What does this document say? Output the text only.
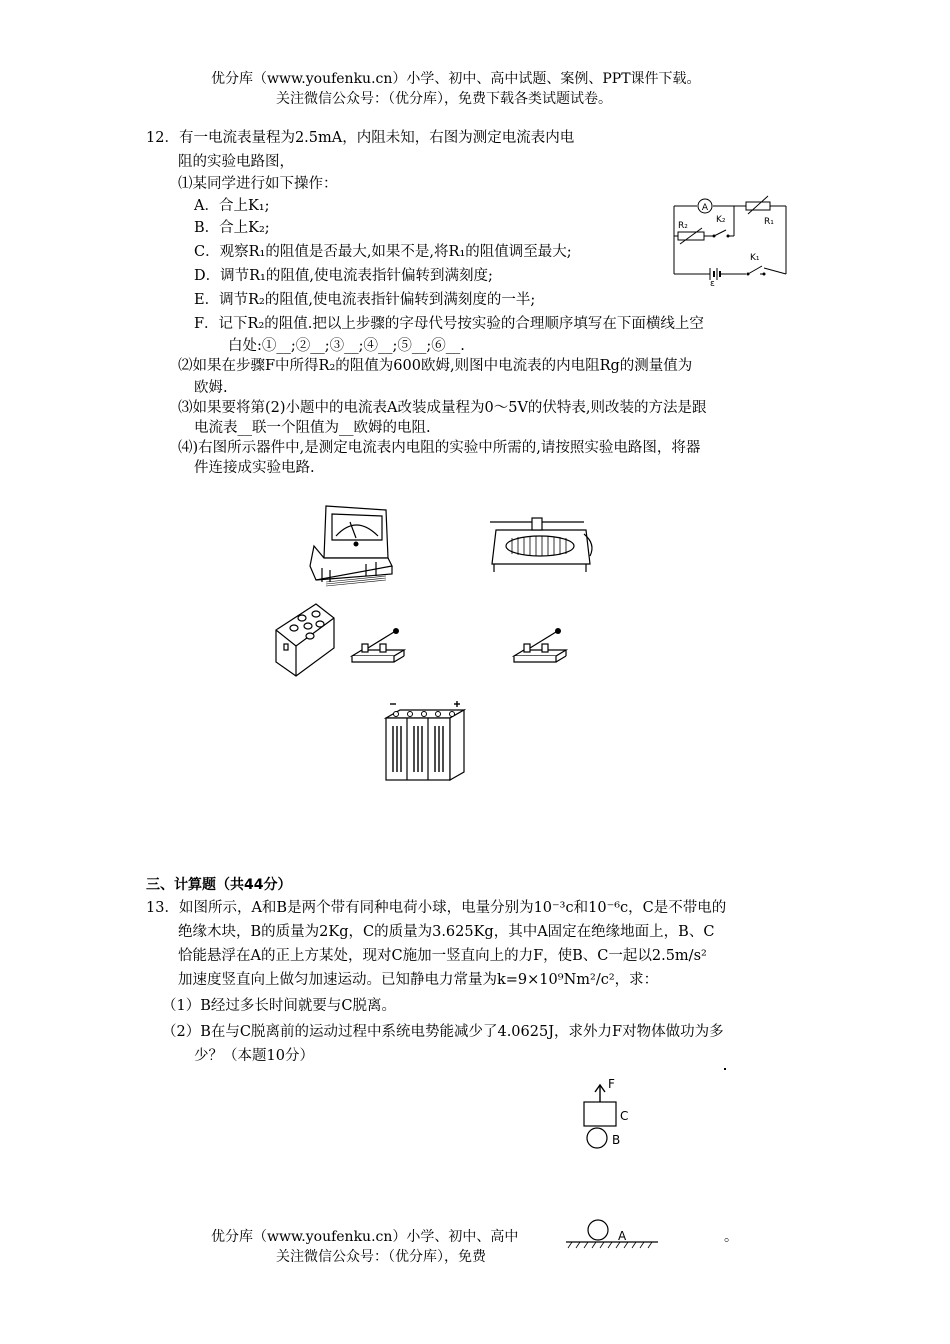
优分库（www.youfenku.cn）小学、初中、高中试题、案例、PPT课件下载。
关注微信公众号：（优分库），免费下载各类试题试卷。
12．有一电流表量程为2.5mA，内阻未知，右图为测定电流表内电
阻的实验电路图，
⑴某同学进行如下操作：
A．合上K₁;
B．合上K₂;
C．观察R₁的阻值是否最大,如果不是,将R₁的阻值调至最大;
D．调节R₁的阻值,使电流表指针偏转到满刻度;
E．调节R₂的阻值,使电流表指针偏转到满刻度的一半;
F．记下R₂的阻值.把以上步骤的字母代号按实验的合理顺序填写在下面横线上空
白处:①__;②__;③__;④__;⑤__;⑥__.
⑵如果在步骤F中所得R₂的阻值为600欧姆,则图中电流表的内电阻Rg的测量值为
欧姆.
⑶如果要将第(2)小题中的电流表A改装成量程为0～5V的伏特表,则改装的方法是跟
电流表__联一个阻值为__欧姆的电阻.
⑷)右图所示器件中,是测定电流表内电阻的实验中所需的,请按照实验电路图，将器
件连接成实验电路.
A
R₁
R₂
K₂
ε
K₁
三、计算题（共44分）
13．如图所示，A和B是两个带有同种电荷小球，电量分别为10⁻³c和10⁻⁶c，C是不带电的
绝缘木块，B的质量为2Kg，C的质量为3.625Kg，其中A固定在绝缘地面上，B、C
恰能悬浮在A的正上方某处，现对C施加一竖直向上的力F，使B、C一起以2.5m/s²
加速度竖直向上做匀加速运动。已知静电力常量为k=9×10⁹Nm²/c²，求：
（1）B经过多长时间就要与C脱离。
（2）B在与C脱离前的运动过程中系统电势能减少了4.0625J，求外力F对物体做功为多
少？（本题10分）
F
C
B
A
优分库（www.youfenku.cn）小学、初中、高中
关注微信公众号：（优分库），免费
。
